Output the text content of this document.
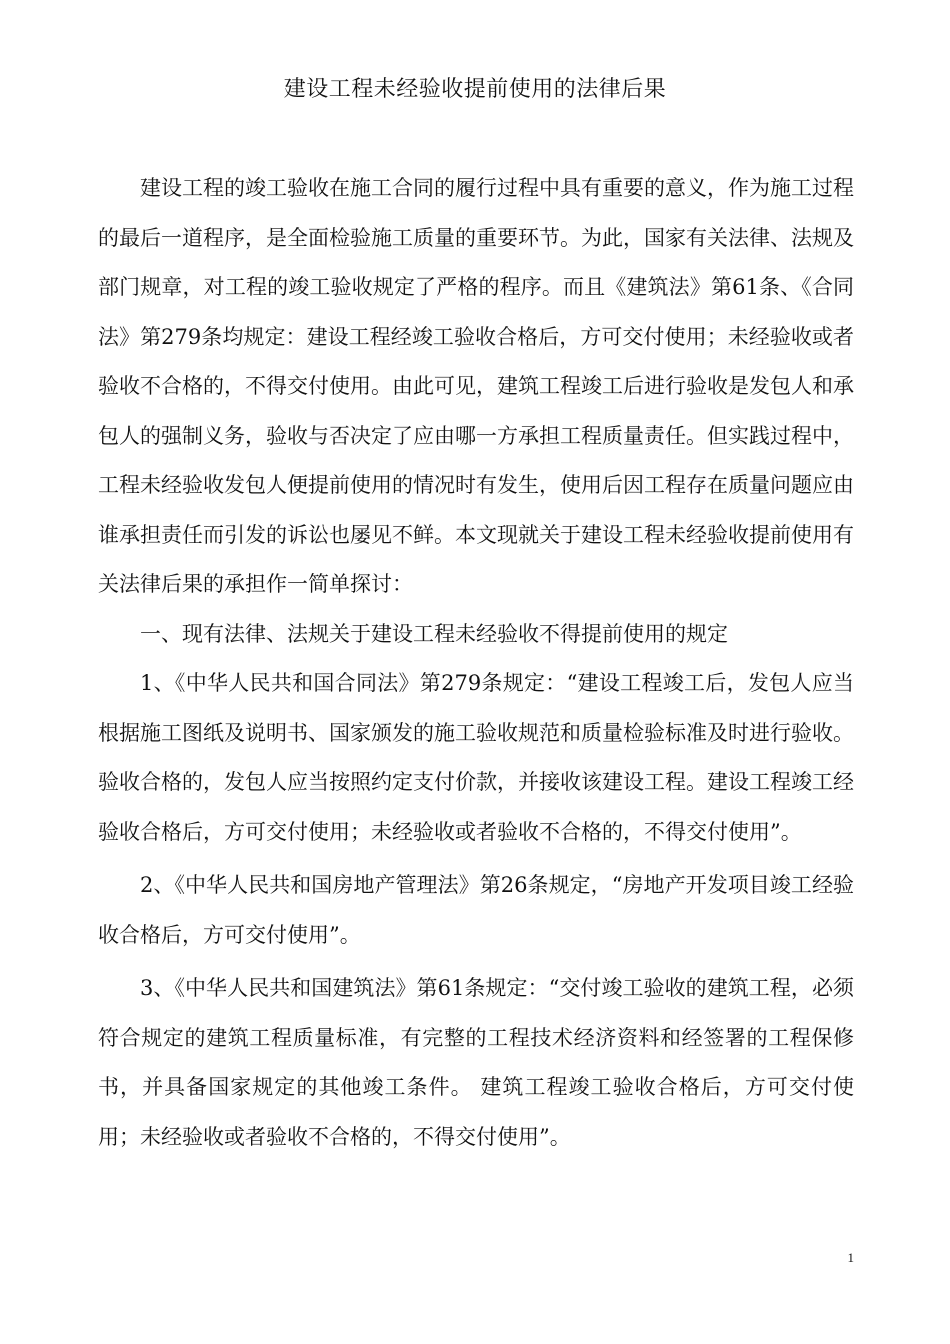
建设工程未经验收提前使用的法律后果

建设工程的竣工验收在施工合同的履行过程中具有重要的意义，作为施工过程的最后一道程序，是全面检验施工质量的重要环节。为此，国家有关法律、法规及部门规章，对工程的竣工验收规定了严格的程序。而且《建筑法》第61条、《合同法》第279条均规定：建设工程经竣工验收合格后，方可交付使用；未经验收或者验收不合格的，不得交付使用。由此可见，建筑工程竣工后进行验收是发包人和承包人的强制义务，验收与否决定了应由哪一方承担工程质量责任。但实践过程中，工程未经验收发包人便提前使用的情况时有发生，使用后因工程存在质量问题应由谁承担责任而引发的诉讼也屡见不鲜。本文现就关于建设工程未经验收提前使用有关法律后果的承担作一简单探讨：

一、现有法律、法规关于建设工程未经验收不得提前使用的规定

1、《中华人民共和国合同法》第279条规定：“建设工程竣工后，发包人应当根据施工图纸及说明书、国家颁发的施工验收规范和质量检验标准及时进行验收。验收合格的，发包人应当按照约定支付价款，并接收该建设工程。建设工程竣工经验收合格后，方可交付使用；未经验收或者验收不合格的，不得交付使用”。

2、《中华人民共和国房地产管理法》第26条规定，“房地产开发项目竣工经验收合格后，方可交付使用”。

3、《中华人民共和国建筑法》第61条规定：“交付竣工验收的建筑工程，必须符合规定的建筑工程质量标准，有完整的工程技术经济资料和经签署的工程保修书，并具备国家规定的其他竣工条件。 建筑工程竣工验收合格后，方可交付使用；未经验收或者验收不合格的，不得交付使用”。

1
